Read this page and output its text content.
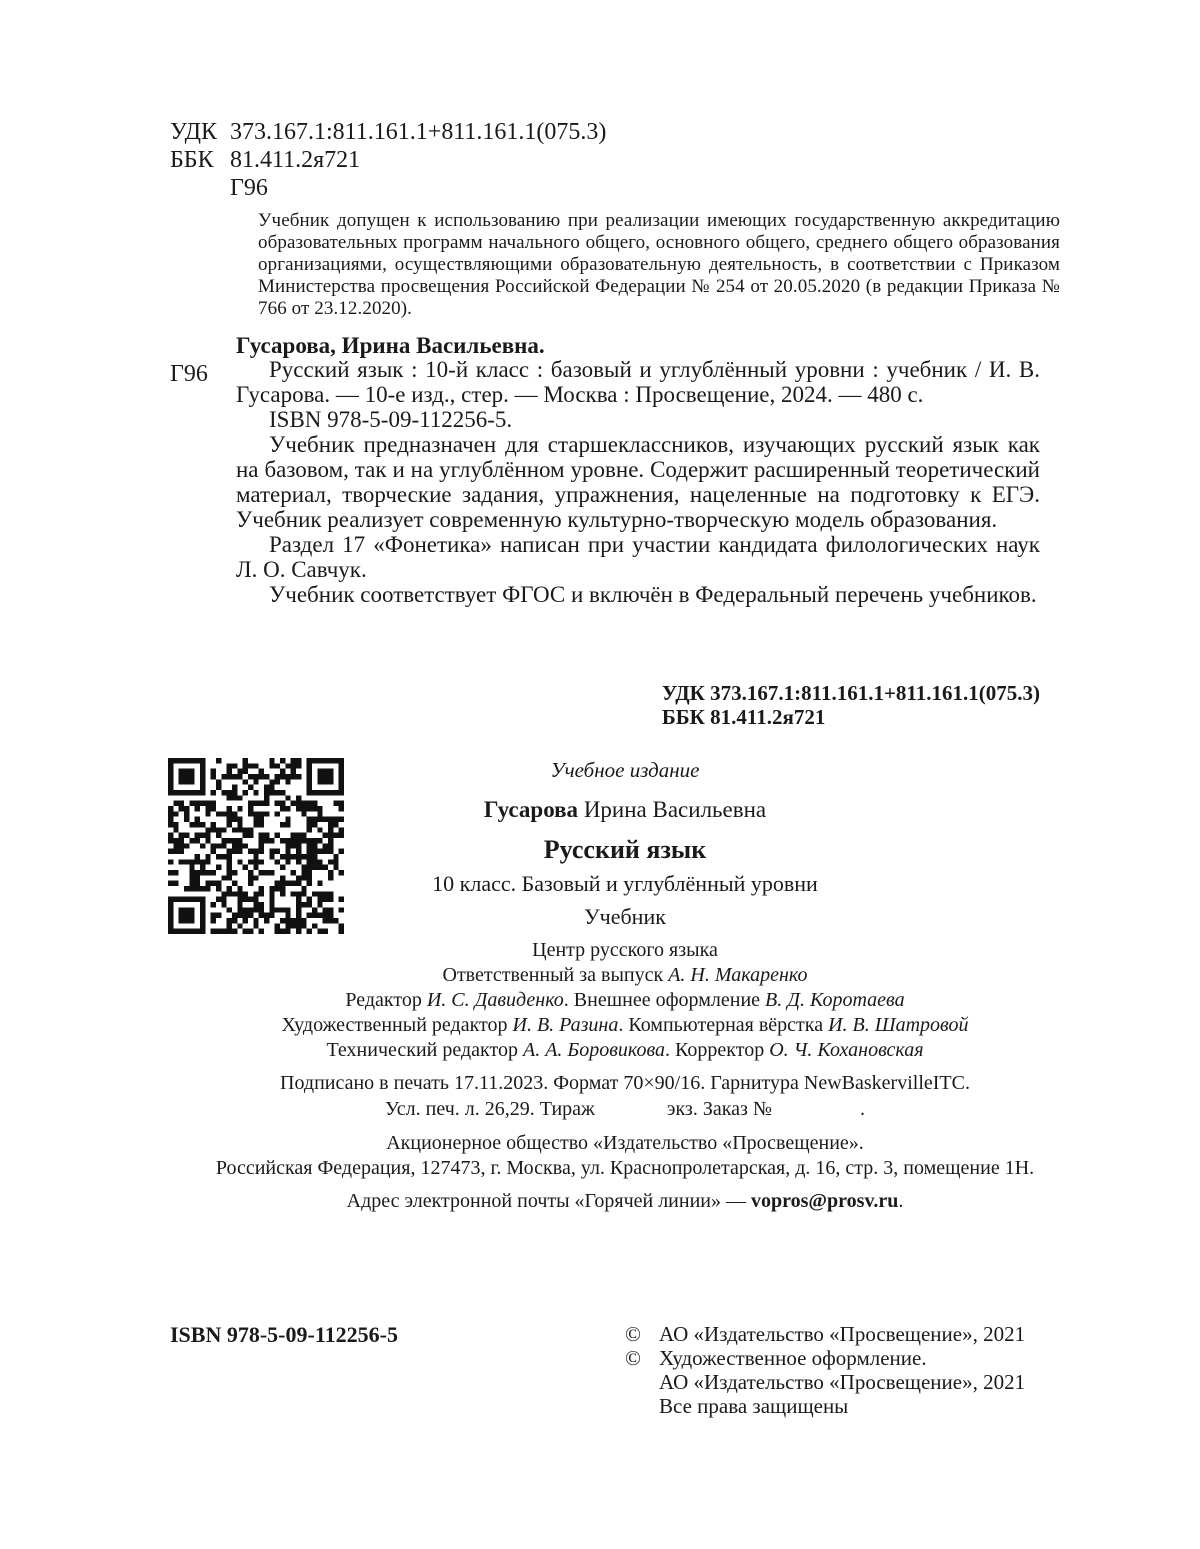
УДК 373.167.1:811.161.1+811.161.1(075.3)
ББК 81.411.2я721
Г96
Учебник допущен к использованию при реализации имеющих государственную аккредитацию образовательных программ начального общего, основного общего, среднего общего образования организациями, осуществляющими образовательную деятельность, в соответствии с Приказом Министерства просвещения Российской Федерации № 254 от 20.05.2020 (в редакции Приказа № 766 от 23.12.2020).
Гусарова, Ирина Васильевна.
Г96	Русский язык : 10-й класс : базовый и углублённый уровни : учебник / И. В. Гусарова. — 10-е изд., стер. — Москва : Просвещение, 2024. — 480 с.

ISBN 978-5-09-112256-5.

Учебник предназначен для старшеклассников, изучающих русский язык как на базовом, так и на углублённом уровне. Содержит расширенный теоретический материал, творческие задания, упражнения, нацеленные на подготовку к ЕГЭ. Учебник реализует современную культурно-творческую модель образования.

Раздел 17 «Фонетика» написан при участии кандидата филологических наук Л. О. Савчук.

Учебник соответствует ФГОС и включён в Федеральный перечень учебников.

УДК 373.167.1:811.161.1+811.161.1(075.3)
ББК 81.411.2я721
Учебное издание
Гусарова Ирина Васильевна
Русский язык
10 класс. Базовый и углублённый уровни
Учебник
Центр русского языка
Ответственный за выпуск А. Н. Макаренко
Редактор И. С. Давиденко. Внешнее оформление В. Д. Коротаева
Художественный редактор И. В. Разина. Компьютерная вёрстка И. В. Шатровой
Технический редактор А. А. Боровикова. Корректор О. Ч. Кохановская
Подписано в печать 17.11.2023. Формат 70×90/16. Гарнитура NewBaskervilleITC.
Усл. печ. л. 26,29. Тираж	экз. Заказ №	.
Акционерное общество «Издательство «Просвещение».
Российская Федерация, 127473, г. Москва, ул. Краснопролетарская, д. 16, стр. 3, помещение 1Н.
Адрес электронной почты «Горячей линии» — vopros@prosv.ru.
ISBN 978-5-09-112256-5	© АО «Издательство «Просвещение», 2021
© Художественное оформление.
АО «Издательство «Просвещение», 2021
Все права защищены
